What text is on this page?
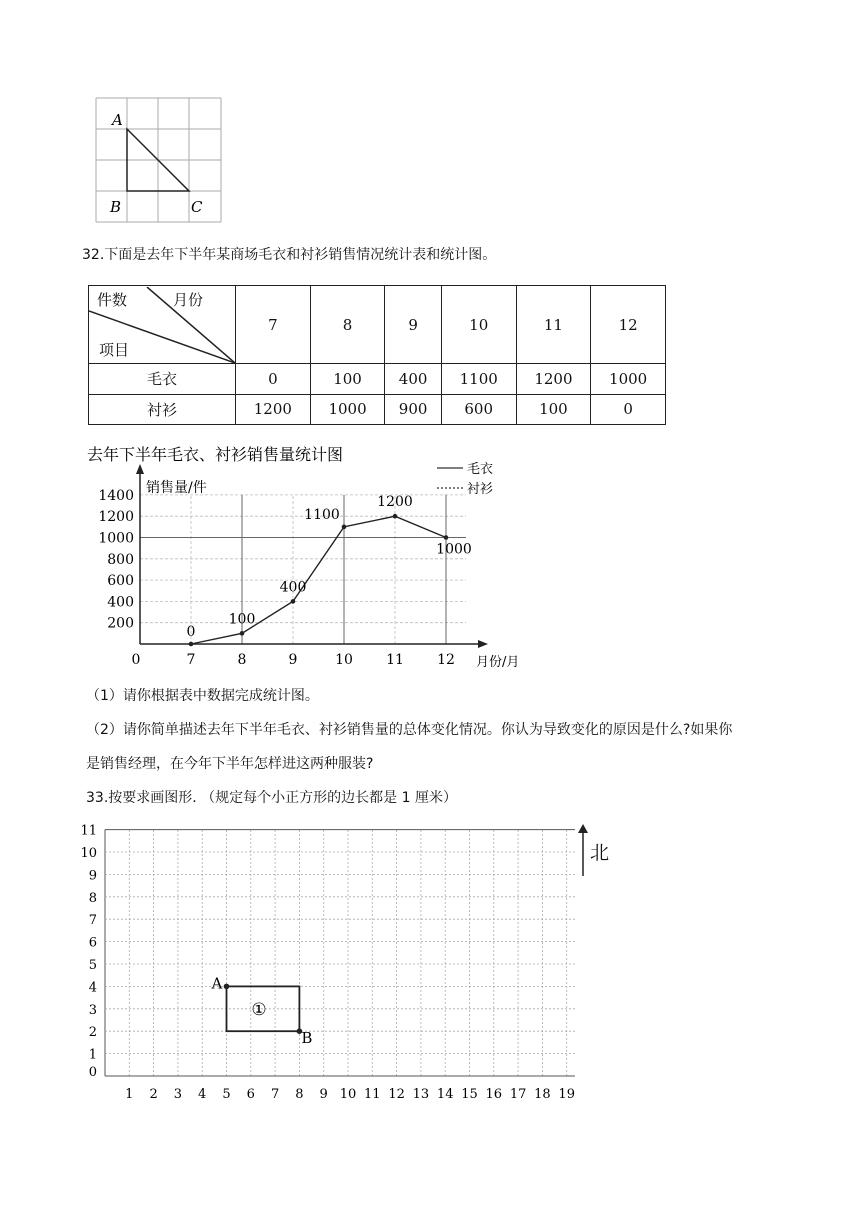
A
B	C
32.下面是去年下半年某商场毛衣和衬衫销售情况统计表和统计图。
件数 月份
项目	7	8	9	10	11	12
毛衣	0	100	400	1100	1200	1000
衬衫	1200	1000	900	600	100	0
去年下半年毛衣、衬衫销售量统计图
毛衣
衬衫
销售量/件
月份/月
200
400
600
800
1000
1200
1400
0	7	8	9	10 11 12
0
100
400
1100
1200
1000
（1）请你根据表中数据完成统计图。
（2）请你简单描述去年下半年毛衣、衬衫销售量的总体变化情况。你认为导致变化的原因是什么?如果你
是销售经理，在今年下半年怎样进这两种服装?
33.按要求画图形. （规定每个小正方形的边长都是 1 厘米）
1 2 3 4 5 6 7 8 9 10 11 12 13 14 15 16 17 18 19
0
1
2
3
4
5
6
7
8
9
10
11
A
B
①
北
